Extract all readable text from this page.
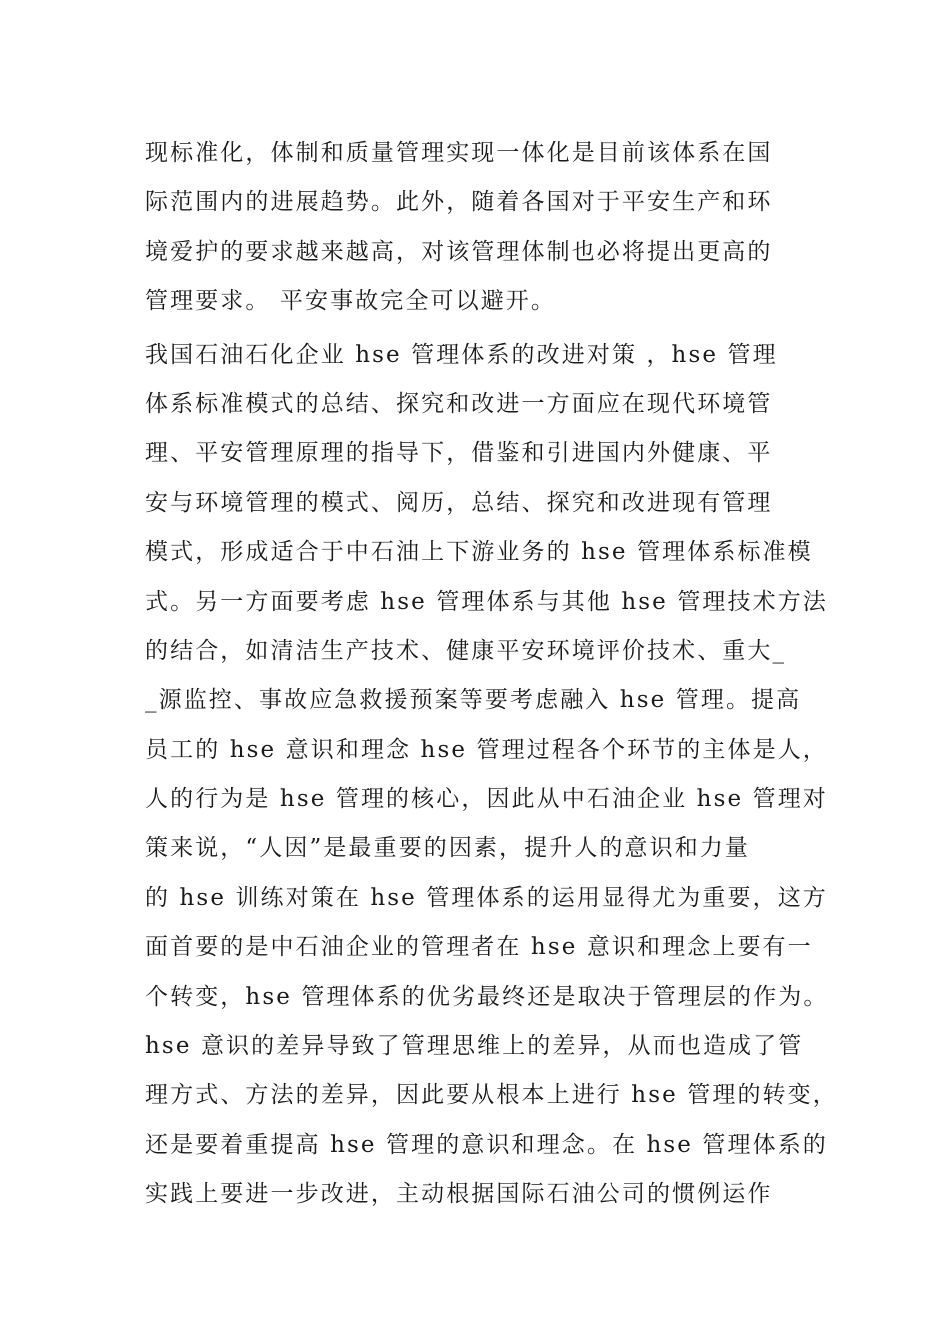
现标准化，体制和质量管理实现一体化是目前该体系在国
际范围内的进展趋势。此外，随着各国对于平安生产和环
境爱护的要求越来越高，对该管理体制也必将提出更高的
管理要求。 平安事故完全可以避开。
我国石油石化企业 hse 管理体系的改进对策 ，hse 管理
体系标准模式的总结、探究和改进一方面应在现代环境管
理、平安管理原理的指导下，借鉴和引进国内外健康、平
安与环境管理的模式、阅历，总结、探究和改进现有管理
模式，形成适合于中石油上下游业务的 hse 管理体系标准模
式。另一方面要考虑 hse 管理体系与其他 hse 管理技术方法
的结合，如清洁生产技术、健康平安环境评价技术、重大_
_源监控、事故应急救援预案等要考虑融入 hse 管理。提高
员工的 hse 意识和理念 hse 管理过程各个环节的主体是人，
人的行为是 hse 管理的核心，因此从中石油企业 hse 管理对
策来说，“人因”是最重要的因素，提升人的意识和力量
的 hse 训练对策在 hse 管理体系的运用显得尤为重要，这方
面首要的是中石油企业的管理者在 hse 意识和理念上要有一
个转变，hse 管理体系的优劣最终还是取决于管理层的作为。
hse 意识的差异导致了管理思维上的差异，从而也造成了管
理方式、方法的差异，因此要从根本上进行 hse 管理的转变，
还是要着重提高 hse 管理的意识和理念。在 hse 管理体系的
实践上要进一步改进，主动根据国际石油公司的惯例运作
